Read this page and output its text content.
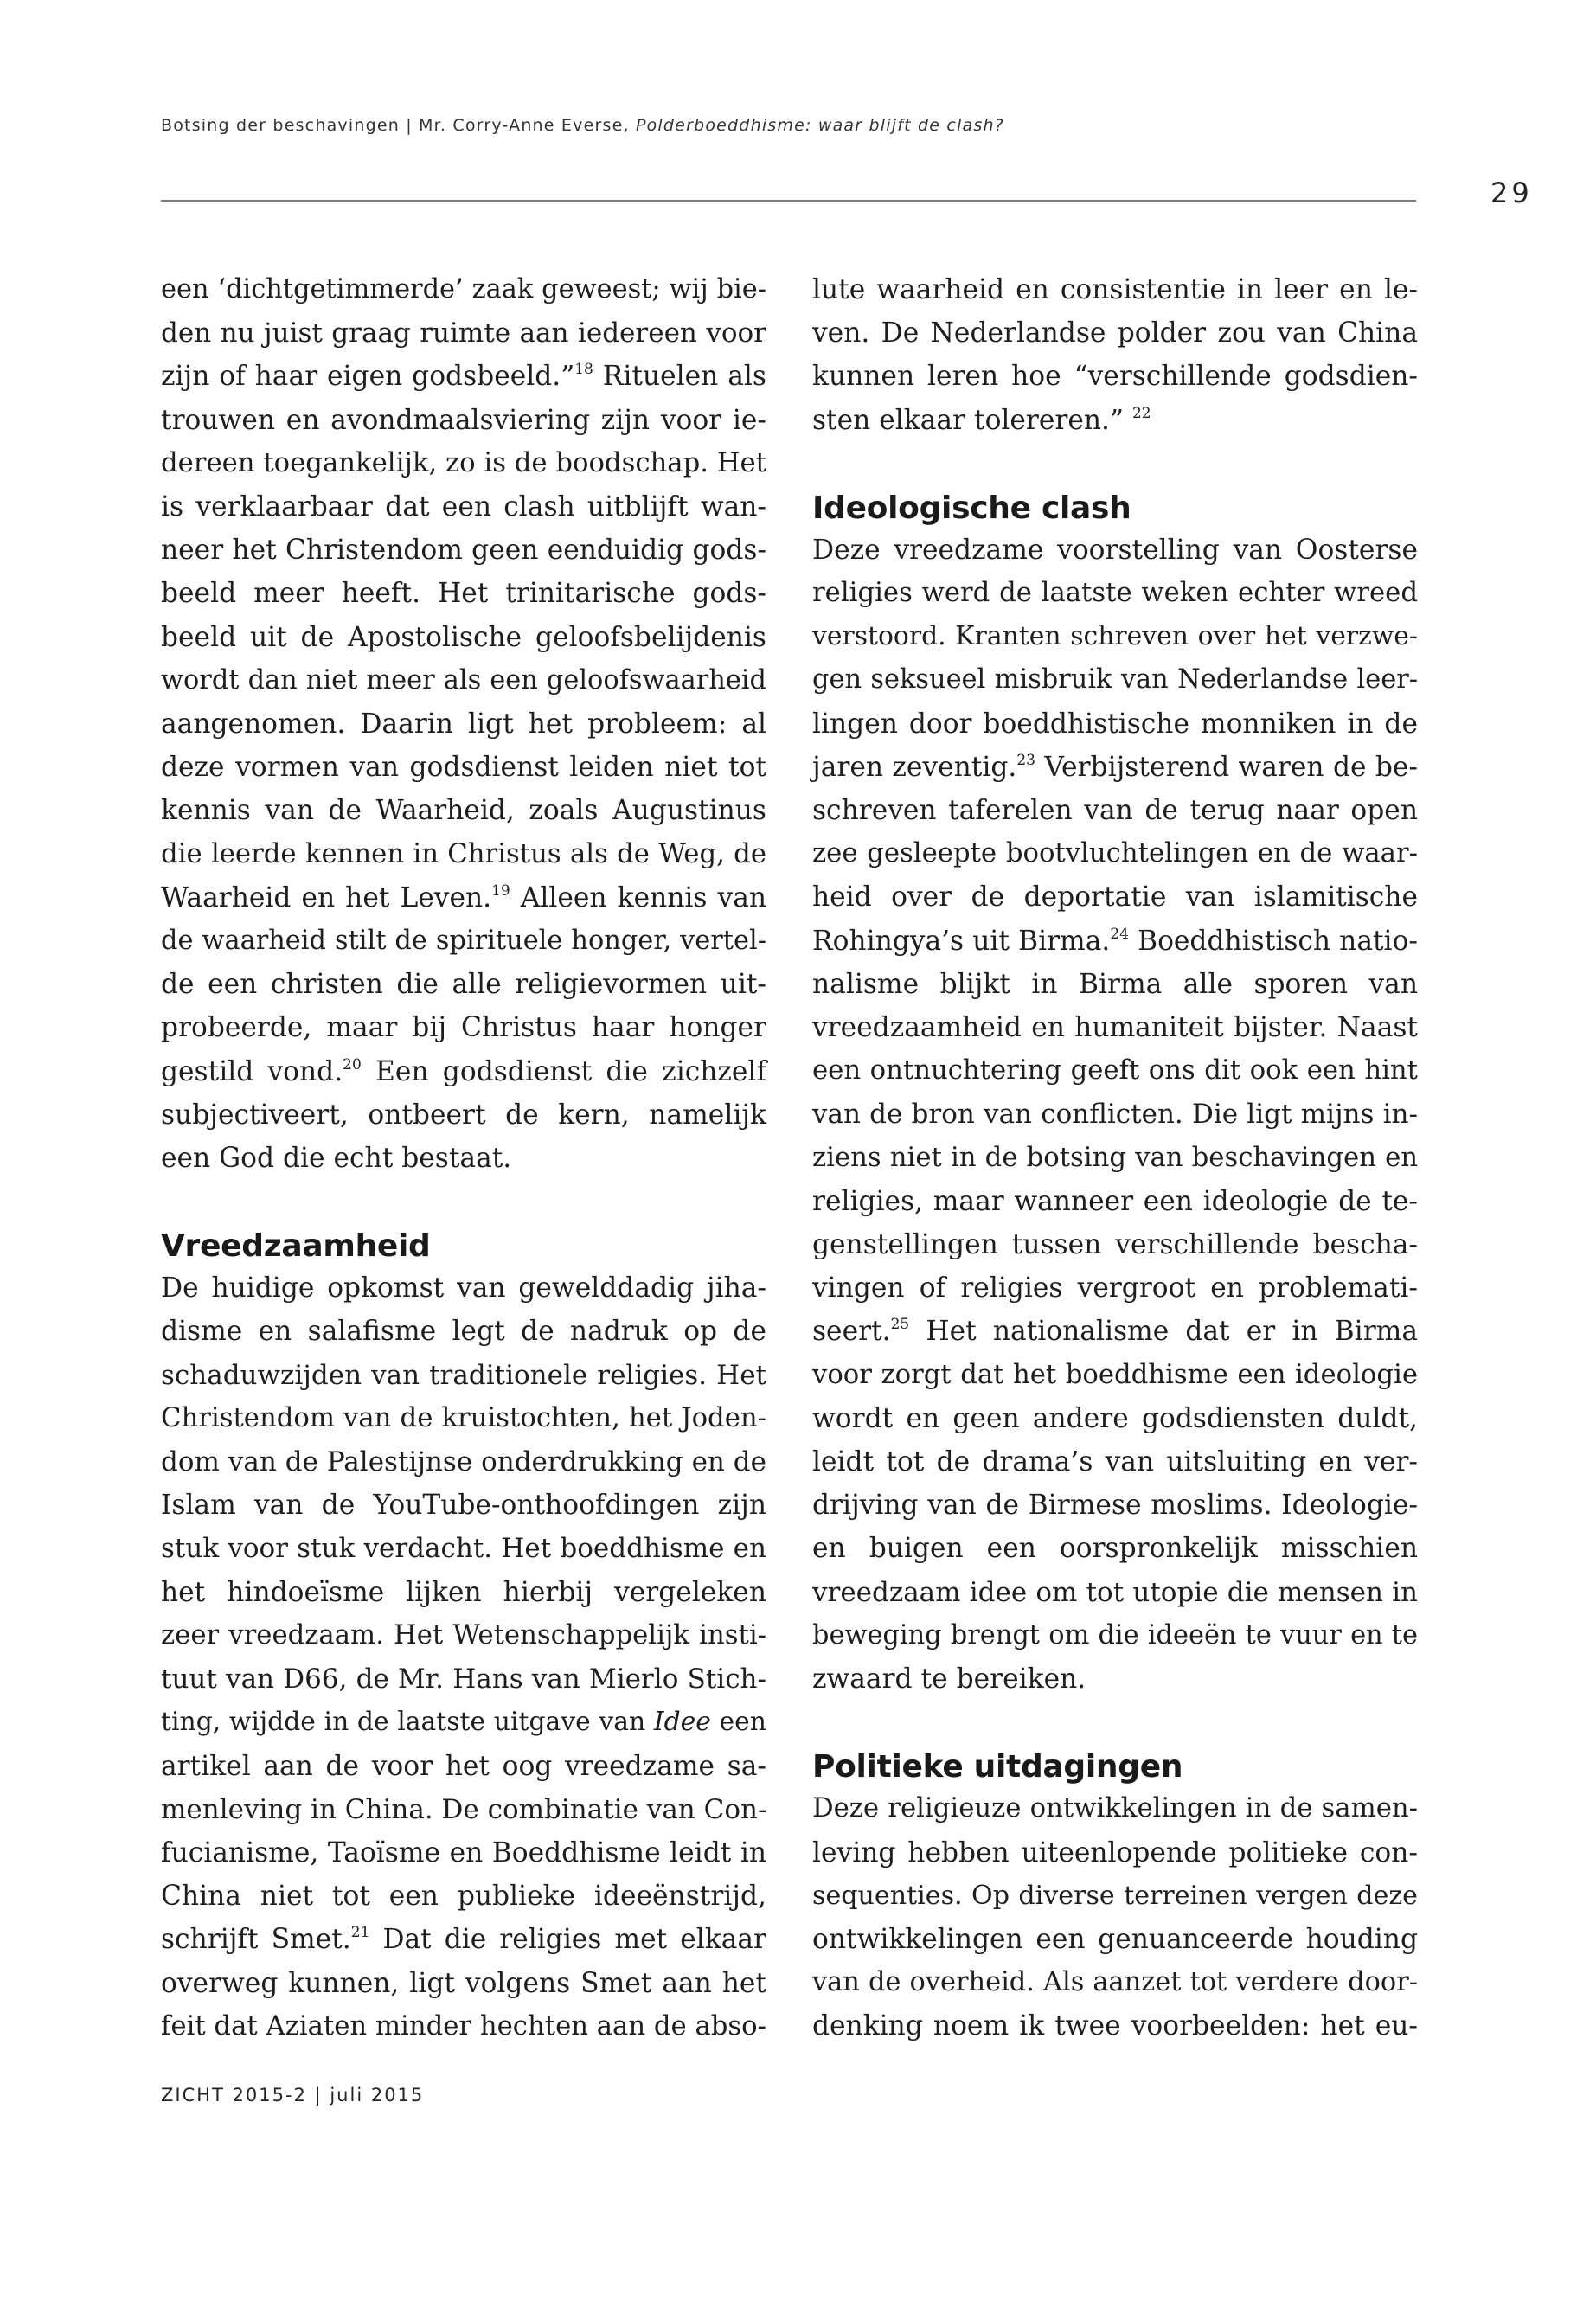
Botsing der beschavingen | Mr. Corry-Anne Everse, Polderboeddhisme: waar blijft de clash?
29

een ‘dichtgetimmerde’ zaak geweest; wij bie-
den nu juist graag ruimte aan iedereen voor
zijn of haar eigen godsbeeld.”$^{18}$ Rituelen als
trouwen en avondmaalsviering zijn voor ie-
dereen toegankelijk, zo is de boodschap. Het
is verklaarbaar dat een clash uitblijft wan-
neer het Christendom geen eenduidig gods-
beeld meer heeft. Het trinitarische gods-
beeld uit de Apostolische geloofsbelijdenis
wordt dan niet meer als een geloofswaarheid
aangenomen. Daarin ligt het probleem: al
deze vormen van godsdienst leiden niet tot
kennis van de Waarheid, zoals Augustinus
die leerde kennen in Christus als de Weg, de
Waarheid en het Leven.$^{19}$ Alleen kennis van
de waarheid stilt de spirituele honger, vertel-
de een christen die alle religievormen uit-
probeerde, maar bij Christus haar honger
gestild vond.$^{20}$ Een godsdienst die zichzelf
subjectiveert, ontbeert de kern, namelijk
een God die echt bestaat.

Vreedzaamheid

De huidige opkomst van gewelddadig jiha-
disme en salafisme legt de nadruk op de
schaduwzijden van traditionele religies. Het
Christendom van de kruistochten, het Joden-
dom van de Palestijnse onderdrukking en de
Islam van de YouTube-onthoofdingen zijn
stuk voor stuk verdacht. Het boeddhisme en
het hindoeïsme lijken hierbij vergeleken
zeer vreedzaam. Het Wetenschappelijk insti-
tuut van D66, de Mr. Hans van Mierlo Stich-
ting, wijdde in de laatste uitgave van Idee een
artikel aan de voor het oog vreedzame sa-
menleving in China. De combinatie van Con-
fucianisme, Taoïsme en Boeddhisme leidt in
China niet tot een publieke ideeënstrijd,
schrijft Smet.$^{21}$ Dat die religies met elkaar
overweg kunnen, ligt volgens Smet aan het
feit dat Aziaten minder hechten aan de abso-

lute waarheid en consistentie in leer en le-
ven. De Nederlandse polder zou van China
kunnen leren hoe “verschillende godsdien-
sten elkaar tolereren.” $^{22}$

Ideologische clash

Deze vreedzame voorstelling van Oosterse
religies werd de laatste weken echter wreed
verstoord. Kranten schreven over het verzwe-
gen seksueel misbruik van Nederlandse leer-
lingen door boeddhistische monniken in de
jaren zeventig.$^{23}$ Verbijsterend waren de be-
schreven taferelen van de terug naar open
zee gesleepte bootvluchtelingen en de waar-
heid over de deportatie van islamitische
Rohingya’s uit Birma.$^{24}$ Boeddhistisch natio-
nalisme blijkt in Birma alle sporen van
vreedzaamheid en humaniteit bijster. Naast
een ontnuchtering geeft ons dit ook een hint
van de bron van conflicten. Die ligt mijns in-
ziens niet in de botsing van beschavingen en
religies, maar wanneer een ideologie de te-
genstellingen tussen verschillende bescha-
vingen of religies vergroot en problemati-
seert.$^{25}$ Het nationalisme dat er in Birma
voor zorgt dat het boeddhisme een ideologie
wordt en geen andere godsdiensten duldt,
leidt tot de drama’s van uitsluiting en ver-
drijving van de Birmese moslims. Ideologie-
en buigen een oorspronkelijk misschien
vreedzaam idee om tot utopie die mensen in
beweging brengt om die ideeën te vuur en te
zwaard te bereiken.

Politieke uitdagingen

Deze religieuze ontwikkelingen in de samen-
leving hebben uiteenlopende politieke con-
sequenties. Op diverse terreinen vergen deze
ontwikkelingen een genuanceerde houding
van de overheid. Als aanzet tot verdere door-
denking noem ik twee voorbeelden: het eu-

ZICHT 2015-2 | juli 2015
